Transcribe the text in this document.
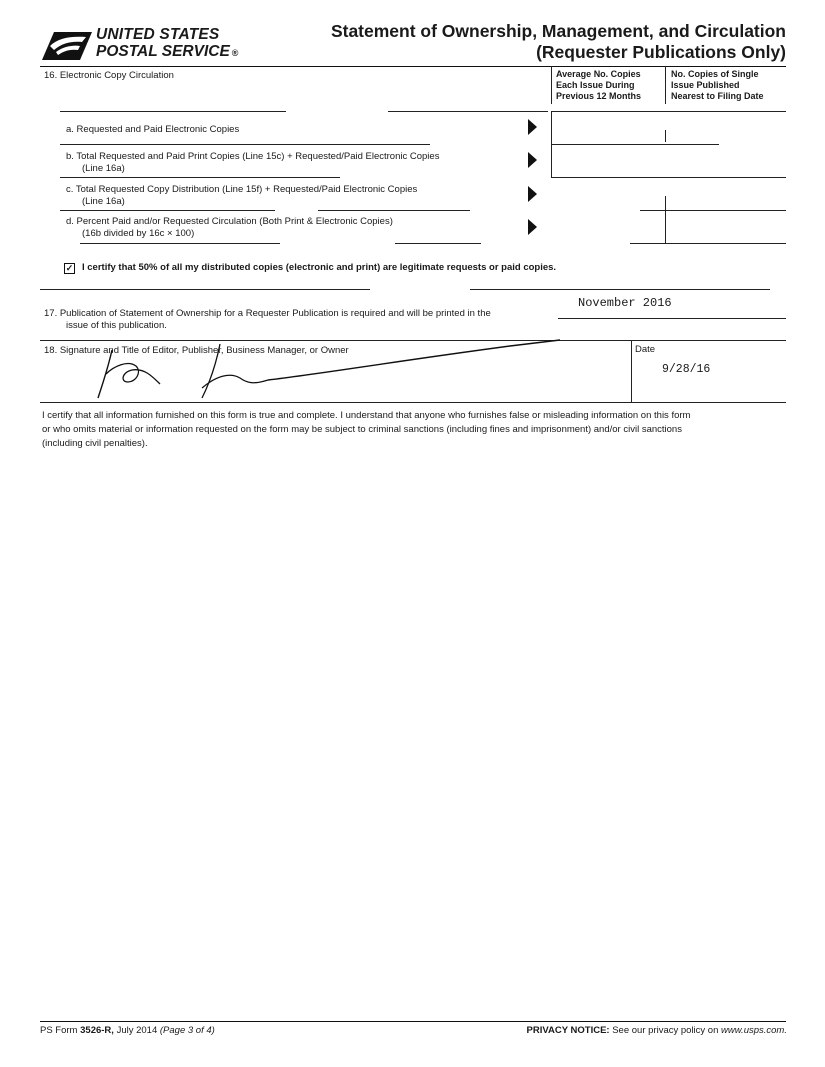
UNITED STATES
POSTAL SERVICE ®
Statement of Ownership, Management, and Circulation
(Requester Publications Only)
16. Electronic Copy Circulation	Average No. Copies
Each Issue During
Previous 12 Months
No. Copies of Single
Issue Published
Nearest to Filing Date
a. Requested and Paid Electronic Copies
b. Total Requested and Paid Print Copies (Line 15c) + Requested/Paid Electronic Copies
(Line 16a)
c. Total Requested Copy Distribution (Line 15f) + Requested/Paid Electronic Copies
(Line 16a)
d. Percent Paid and/or Requested Circulation (Both Print & Electronic Copies)
(16b divided by 16c × 100)
✓ I certify that 50% of all my distributed copies (electronic and print) are legitimate requests or paid copies.
17. Publication of Statement of Ownership for a Requester Publication is required and will be printed in the
issue of this publication.
November 2016
18. Signature and Title of Editor, Publisher, Business Manager, or Owner	Date
9/28/16
I certify that all information furnished on this form is true and complete. I understand that anyone who furnishes false or misleading information on this form
or who omits material or information requested on the form may be subject to criminal sanctions (including fines and imprisonment) and/or civil sanctions
(including civil penalties).
PS Form 3526-R, July 2014 (Page 3 of 4)	PRIVACY NOTICE: See our privacy policy on www.usps.com.
